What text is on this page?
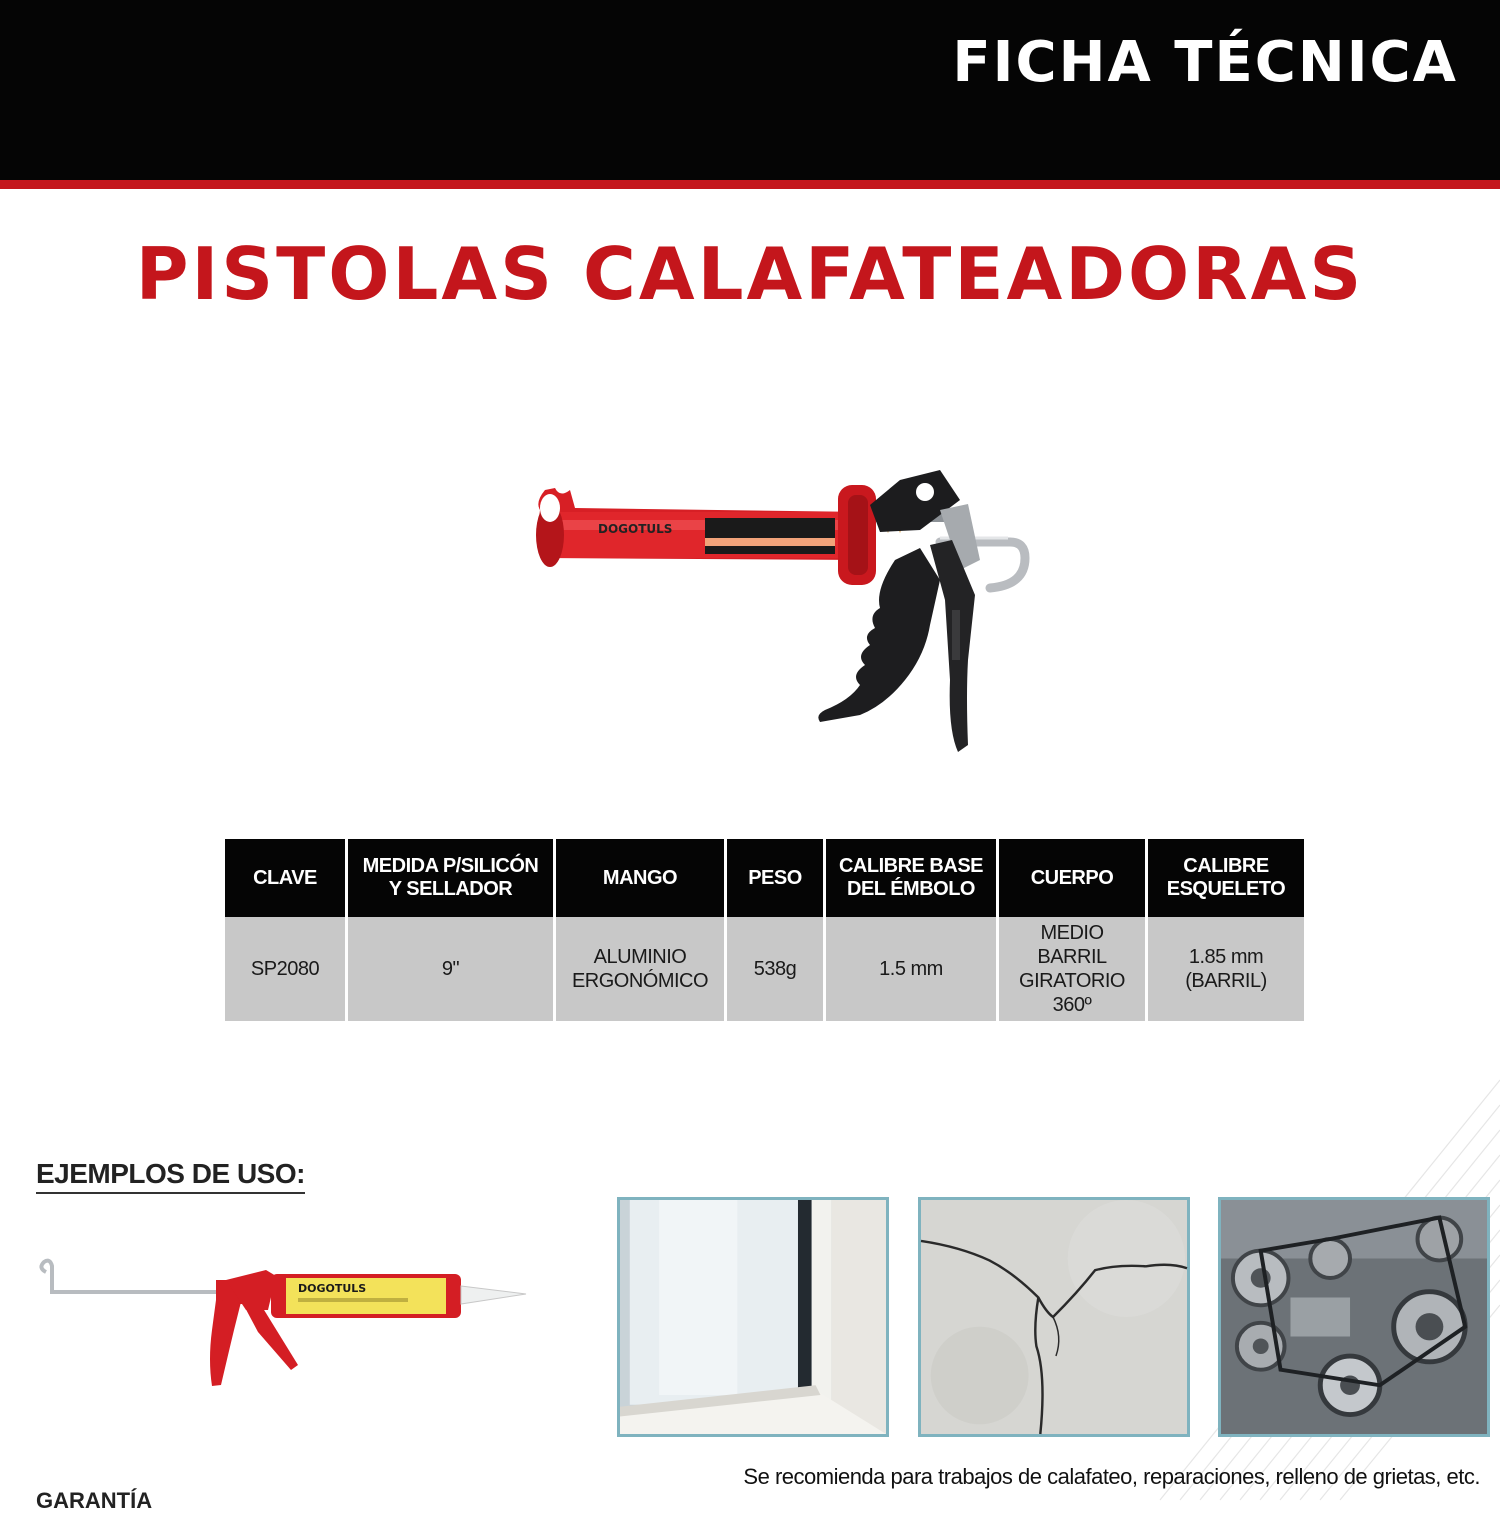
FICHA TÉCNICA
PISTOLAS CALAFATEADORAS
DOGOTULS
CLAVE	MEDIDA P/SILICÓN Y SELLADOR	MANGO	PESO	CALIBRE BASE DEL ÉMBOLO	CUERPO	CALIBRE ESQUELETO
SP2080	9"	ALUMINIO ERGONÓMICO	538g	1.5 mm	MEDIO BARRIL GIRATORIO 360º	1.85 mm (BARRIL)
EJEMPLOS DE USO:
DOGOTULS
Se recomienda para trabajos de calafateo, reparaciones, relleno de grietas, etc.
GARANTÍA
